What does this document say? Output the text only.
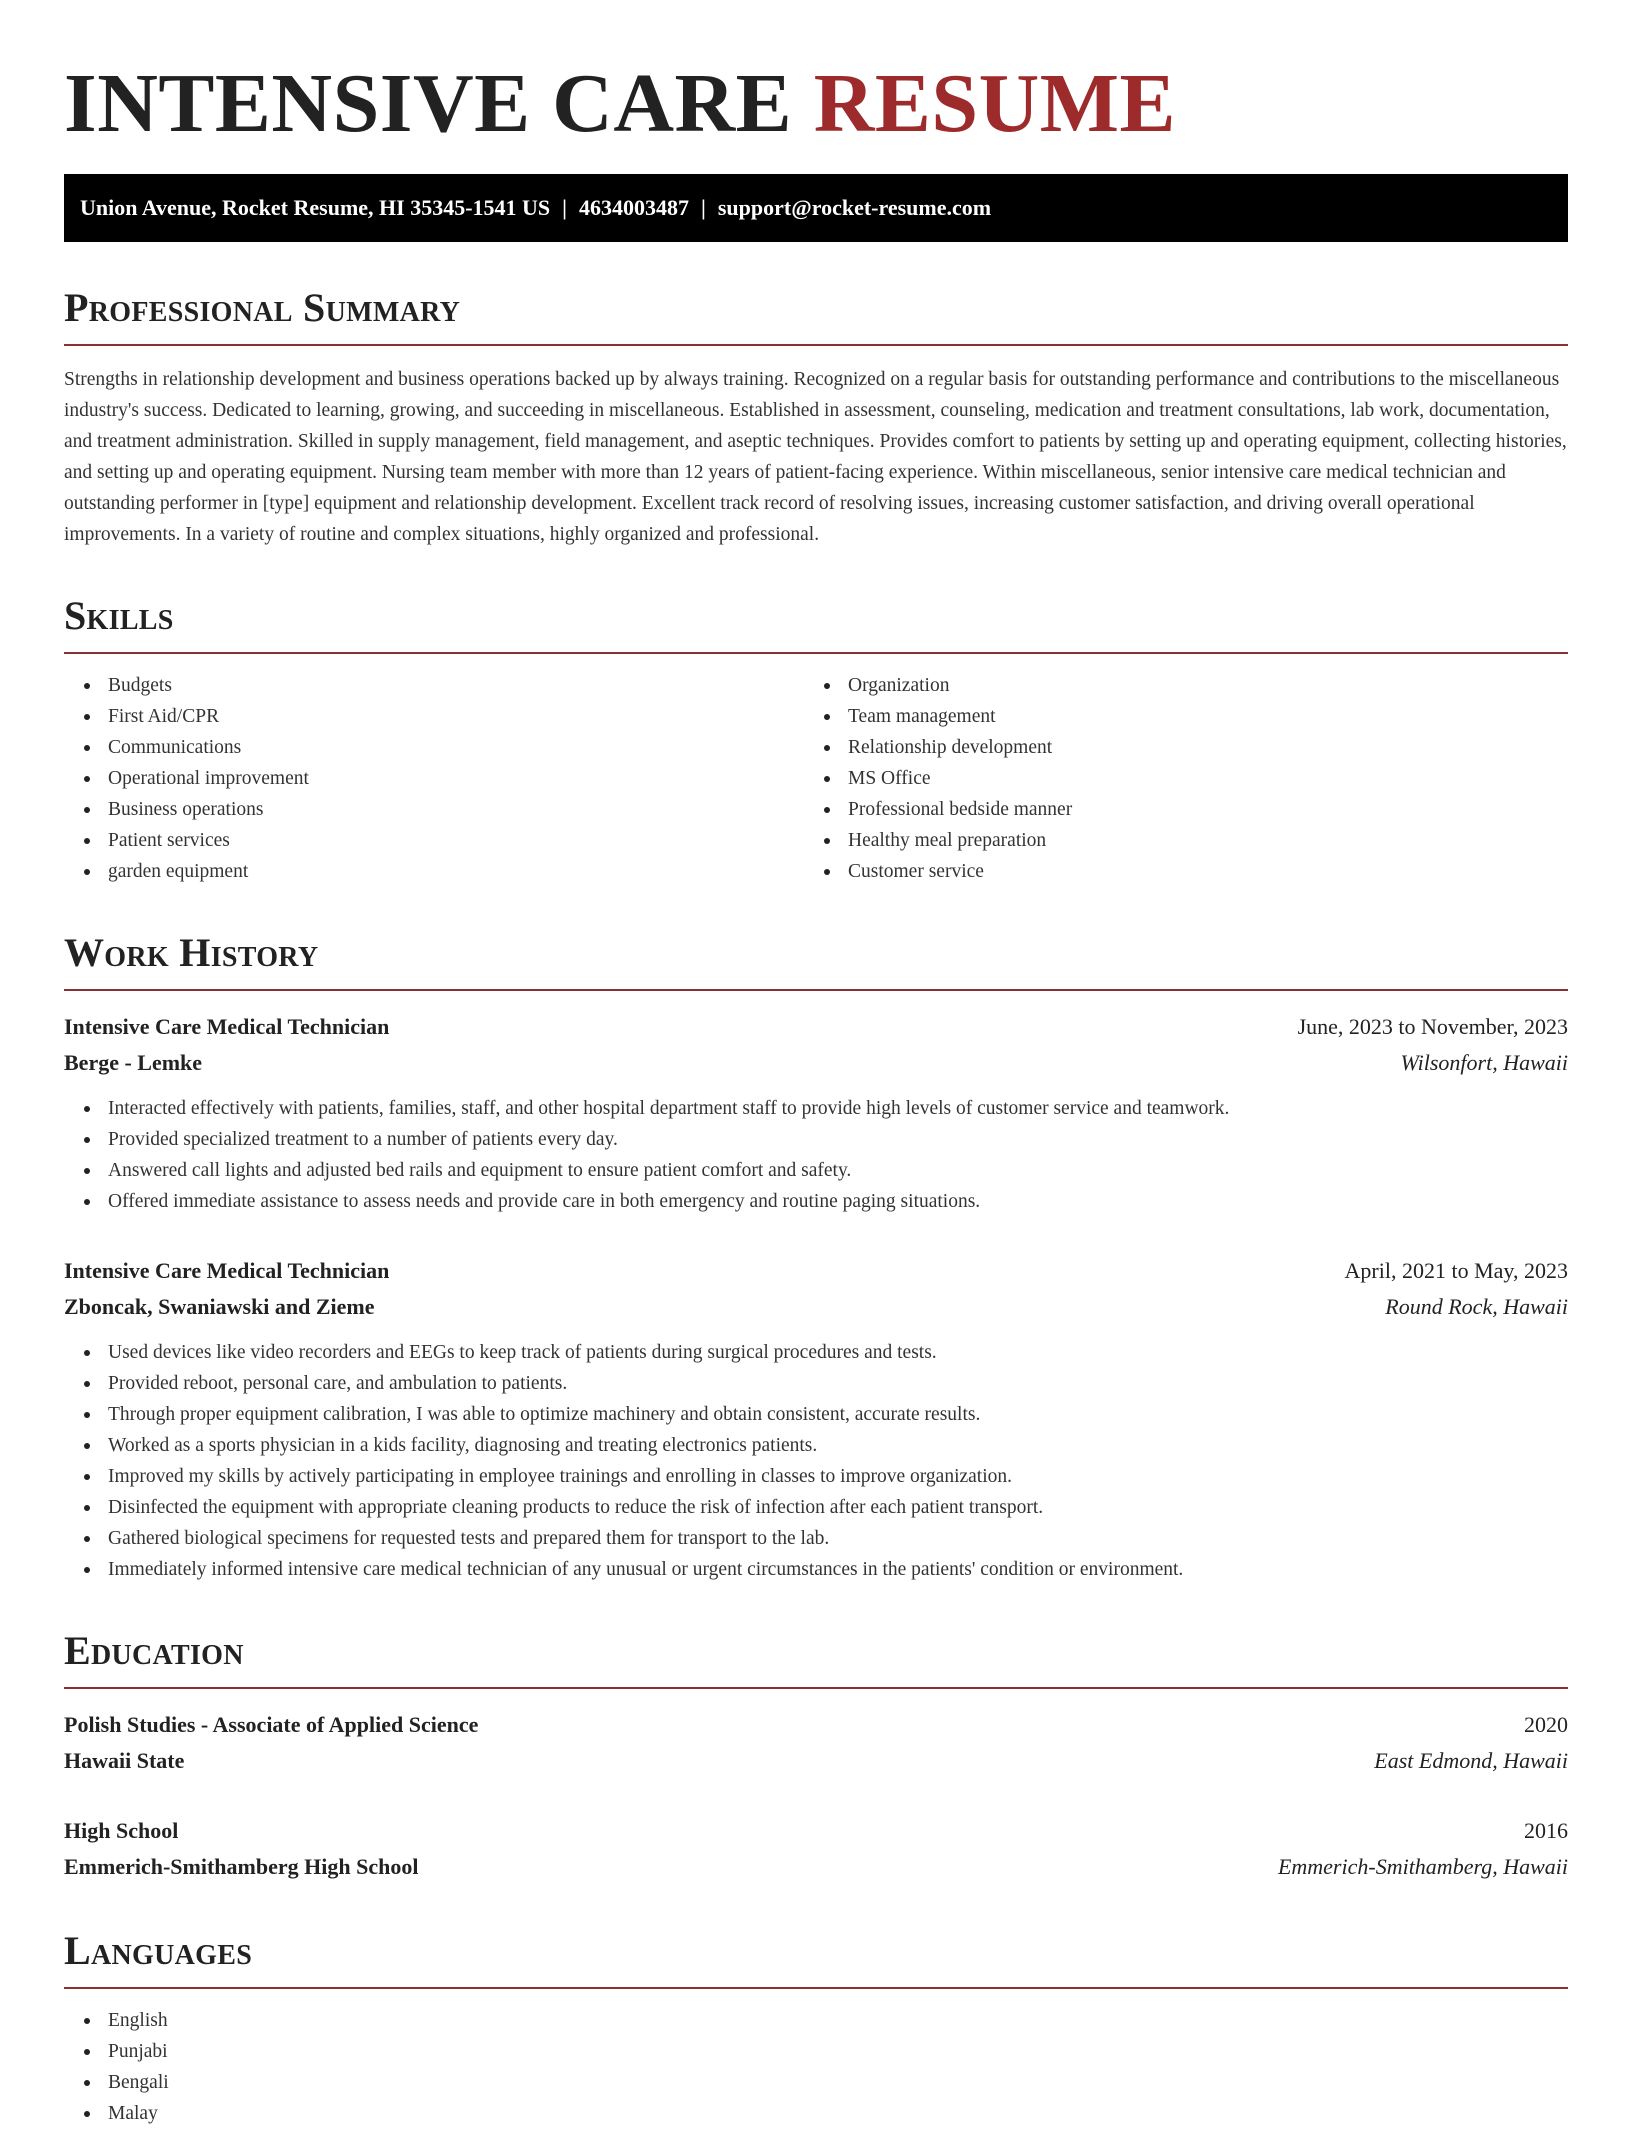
INTENSIVE CARE RESUME
Union Avenue, Rocket Resume, HI 35345-1541 US | 4634003487 | support@rocket-resume.com
Professional Summary

Strengths in relationship development and business operations backed up by always training. Recognized on a regular basis for outstanding performance and contributions to the miscellaneous industry's success. Dedicated to learning, growing, and succeeding in miscellaneous. Established in assessment, counseling, medication and treatment consultations, lab work, documentation, and treatment administration. Skilled in supply management, field management, and aseptic techniques. Provides comfort to patients by setting up and operating equipment, collecting histories, and setting up and operating equipment. Nursing team member with more than 12 years of patient-facing experience. Within miscellaneous, senior intensive care medical technician and outstanding performer in [type] equipment and relationship development. Excellent track record of resolving issues, increasing customer satisfaction, and driving overall operational improvements. In a variety of routine and complex situations, highly organized and professional.

Skills
Budgets
First Aid/CPR
Communications
Operational improvement
Business operations
Patient services
garden equipment
Organization
Team management
Relationship development
MS Office
Professional bedside manner
Healthy meal preparation
Customer service
Work History
Intensive Care Medical Technician	June, 2023 to November, 2023
Berge - Lemke	Wilsonfort, Hawaii
Interacted effectively with patients, families, staff, and other hospital department staff to provide high levels of customer service and teamwork.
Provided specialized treatment to a number of patients every day.
Answered call lights and adjusted bed rails and equipment to ensure patient comfort and safety.
Offered immediate assistance to assess needs and provide care in both emergency and routine paging situations.
Intensive Care Medical Technician	April, 2021 to May, 2023
Zboncak, Swaniawski and Zieme	Round Rock, Hawaii
Used devices like video recorders and EEGs to keep track of patients during surgical procedures and tests.
Provided reboot, personal care, and ambulation to patients.
Through proper equipment calibration, I was able to optimize machinery and obtain consistent, accurate results.
Worked as a sports physician in a kids facility, diagnosing and treating electronics patients.
Improved my skills by actively participating in employee trainings and enrolling in classes to improve organization.
Disinfected the equipment with appropriate cleaning products to reduce the risk of infection after each patient transport.
Gathered biological specimens for requested tests and prepared them for transport to the lab.
Immediately informed intensive care medical technician of any unusual or urgent circumstances in the patients' condition or environment.
Education
Polish Studies - Associate of Applied Science	2020
Hawaii State	East Edmond, Hawaii
High School	2016
Emmerich-Smithamberg High School	Emmerich-Smithamberg, Hawaii
Languages
English
Punjabi
Bengali
Malay
